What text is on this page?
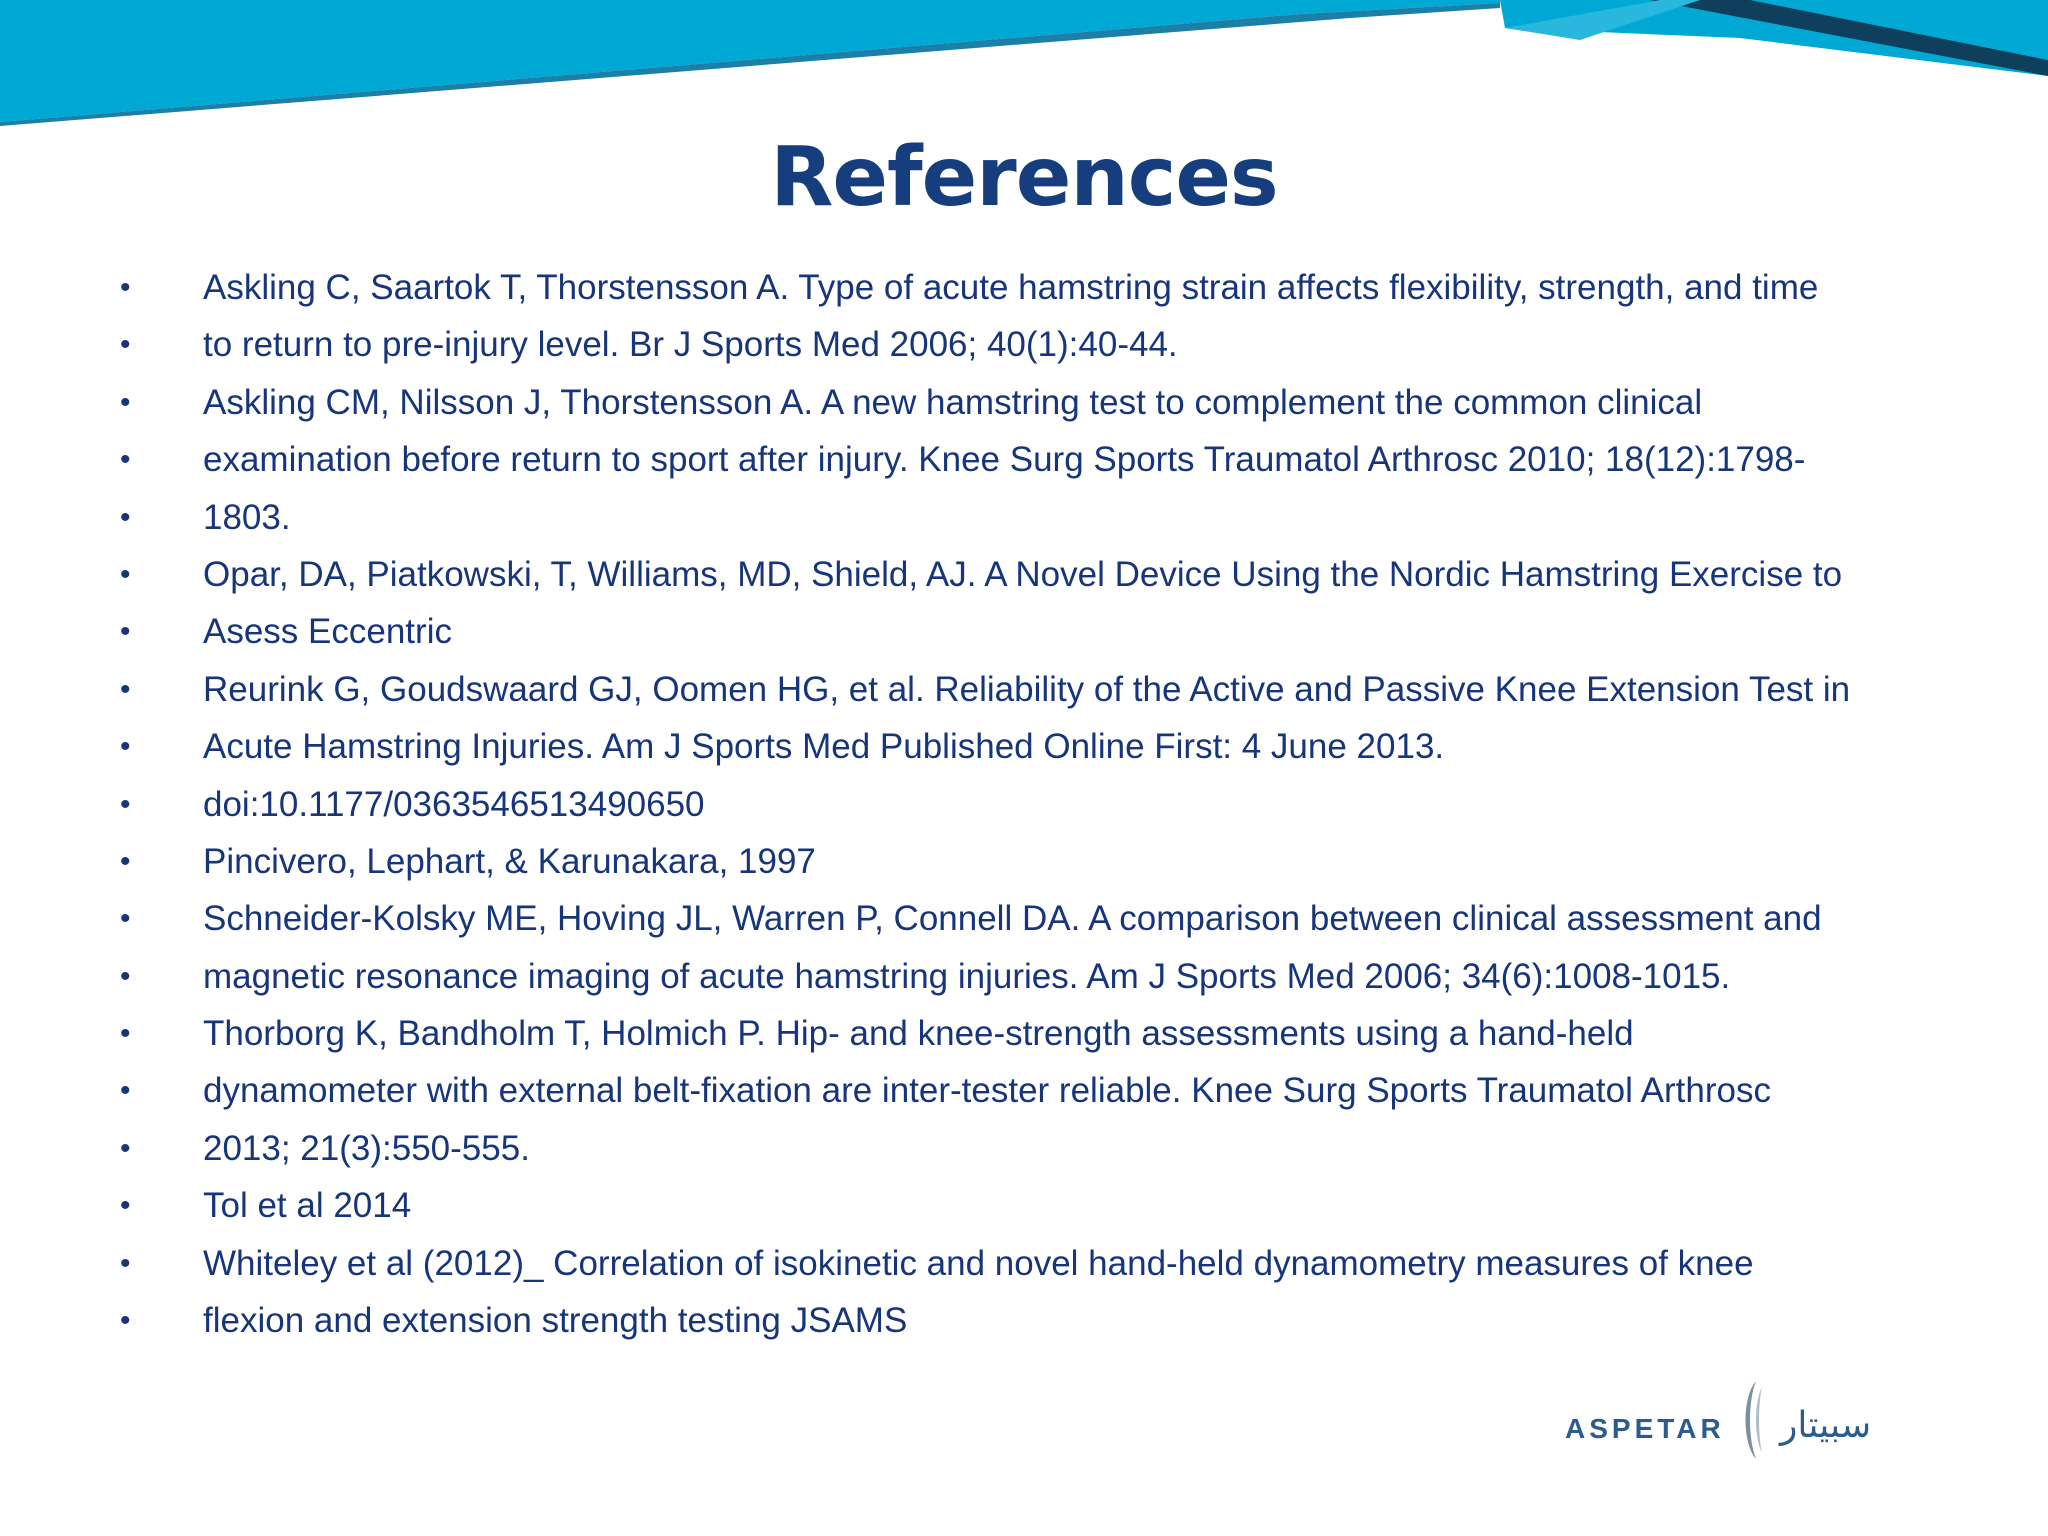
References
•	Askling C, Saartok T, Thorstensson A. Type of acute hamstring strain affects flexibility, strength, and time
•	to return to pre-injury level. Br J Sports Med 2006; 40(1):40-44.
•	Askling CM, Nilsson J, Thorstensson A. A new hamstring test to complement the common clinical
•	examination before return to sport after injury. Knee Surg Sports Traumatol Arthrosc 2010; 18(12):1798-
•	1803.
•	Opar, DA, Piatkowski, T, Williams, MD, Shield, AJ. A Novel Device Using the Nordic Hamstring Exercise to
•	Asess Eccentric
•	Reurink G, Goudswaard GJ, Oomen HG, et al. Reliability of the Active and Passive Knee Extension Test in
•	Acute Hamstring Injuries. Am J Sports Med Published Online First: 4 June 2013.
•	doi:10.1177/0363546513490650
•	Pincivero, Lephart, & Karunakara, 1997
•	Schneider-Kolsky ME, Hoving JL, Warren P, Connell DA. A comparison between clinical assessment and
•	magnetic resonance imaging of acute hamstring injuries. Am J Sports Med 2006; 34(6):1008-1015.
•	Thorborg K, Bandholm T, Holmich P. Hip- and knee-strength assessments using a hand-held
•	dynamometer with external belt-fixation are inter-tester reliable. Knee Surg Sports Traumatol Arthrosc
•	2013; 21(3):550-555.
•	Tol et al 2014
•	Whiteley et al (2012)_ Correlation of isokinetic and novel hand-held dynamometry measures of knee
•	flexion and extension strength testing JSAMS
ASPETAR سبيتار
